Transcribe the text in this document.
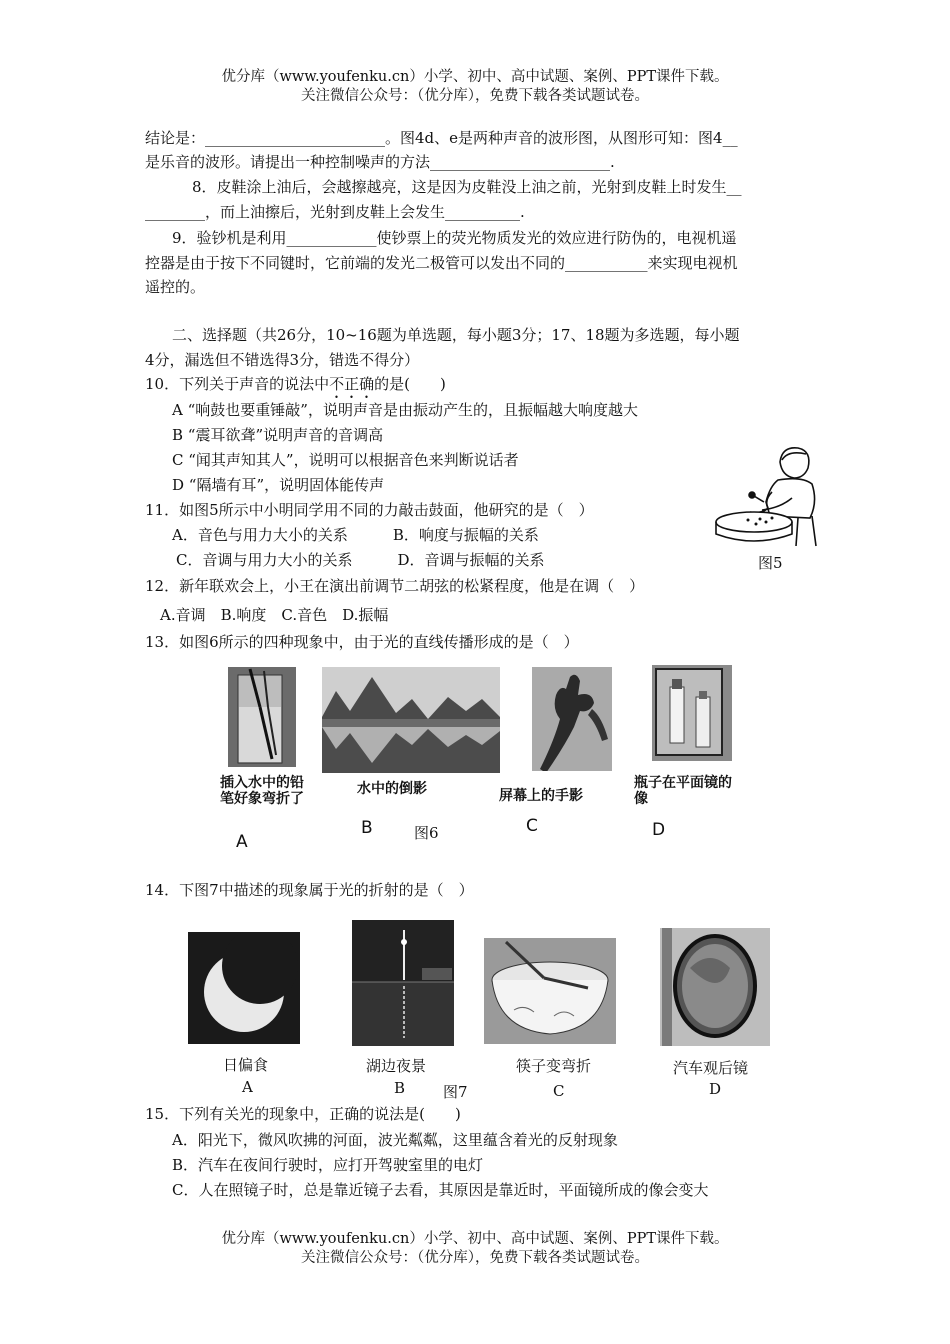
优分库（www.youfenku.cn）小学、初中、高中试题、案例、PPT课件下载。
关注微信公众号：（优分库），免费下载各类试题试卷。
结论是：________________________。图4d、e是两种声音的波形图，从图形可知：图4__
是乐音的波形。请提出一种控制噪声的方法________________________.
8．皮鞋涂上油后，会越擦越亮，这是因为皮鞋没上油之前，光射到皮鞋上时发生__
________，而上油擦后，光射到皮鞋上会发生__________.
9．验钞机是利用____________使钞票上的荧光物质发光的效应进行防伪的，电视机遥
控器是由于按下不同键时，它前端的发光二极管可以发出不同的___________来实现电视机
遥控的。
二、选择题（共26分，10~16题为单选题，每小题3分；17、18题为多选题，每小题
4分，漏选但不错选得3分，错选不得分）
10．下列关于声音的说法中不正确的是(　　)
A “响鼓也要重锤敲”，说明声音是由振动产生的，且振幅越大响度越大
B “震耳欲聋”说明声音的音调高
C “闻其声知其人”，说明可以根据音色来判断说话者
D “隔墙有耳”，说明固体能传声
图5
11．如图5所示中小明同学用不同的力敲击鼓面，他研究的是（　）
A．音色与用力大小的关系　　　B．响度与振幅的关系
C．音调与用力大小的关系　　　D．音调与振幅的关系
12．新年联欢会上，小王在演出前调节二胡弦的松紧程度，他是在调（　）
A.音调　B.响度　C.音色　D.振幅
13．如图6所示的四种现象中，由于光的直线传播形成的是（　）
插入水中的铅笔好象弯折了
水中的倒影	屏幕上的手影
瓶子在平面镜的像
A
B	图6	C	D
14．下图7中描述的现象属于光的折射的是（　）
日偏食	湖边夜景	筷子变弯折	汽车观后镜
A	B	图7	C	D
15．下列有关光的现象中，正确的说法是(　　)
A．阳光下，微风吹拂的河面，波光粼粼，这里蕴含着光的反射现象
B．汽车在夜间行驶时，应打开驾驶室里的电灯
C．人在照镜子时，总是靠近镜子去看，其原因是靠近时，平面镜所成的像会变大
优分库（www.youfenku.cn）小学、初中、高中试题、案例、PPT课件下载。
关注微信公众号：（优分库），免费下载各类试题试卷。
